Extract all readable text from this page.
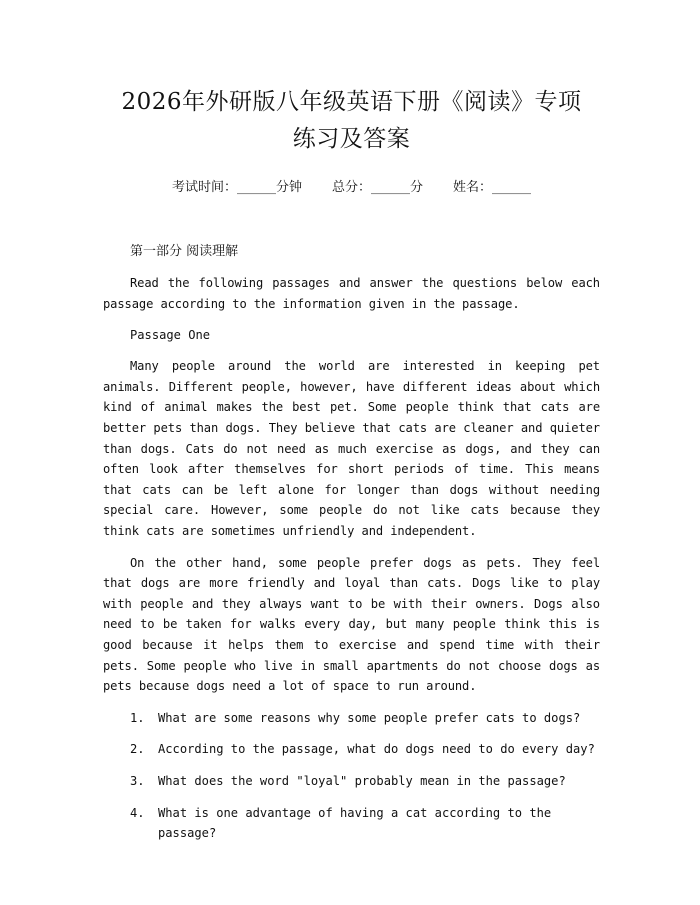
2026年外研版八年级英语下册《阅读》专项
练习及答案
考试时间：______分钟 总分：______分 姓名：______
第一部分 阅读理解

Read the following passages and answer the questions below each passage according to the information given in the passage.

Passage One

Many people around the world are interested in keeping pet animals. Different people, however, have different ideas about which kind of animal makes the best pet. Some people think that cats are better pets than dogs. They believe that cats are cleaner and quieter than dogs. Cats do not need as much exercise as dogs, and they can often look after themselves for short periods of time. This means that cats can be left alone for longer than dogs without needing special care. However, some people do not like cats because they think cats are sometimes unfriendly and independent.

On the other hand, some people prefer dogs as pets. They feel that dogs are more friendly and loyal than cats. Dogs like to play with people and they always want to be with their owners. Dogs also need to be taken for walks every day, but many people think this is good because it helps them to exercise and spend time with their pets. Some people who live in small apartments do not choose dogs as pets because dogs need a lot of space to run around.

1.	What are some reasons why some people prefer cats to dogs?
2.	According to the passage, what do dogs need to do every day?
3.	What does the word "loyal" probably mean in the passage?
4.	What is one advantage of having a cat according to the passage?
